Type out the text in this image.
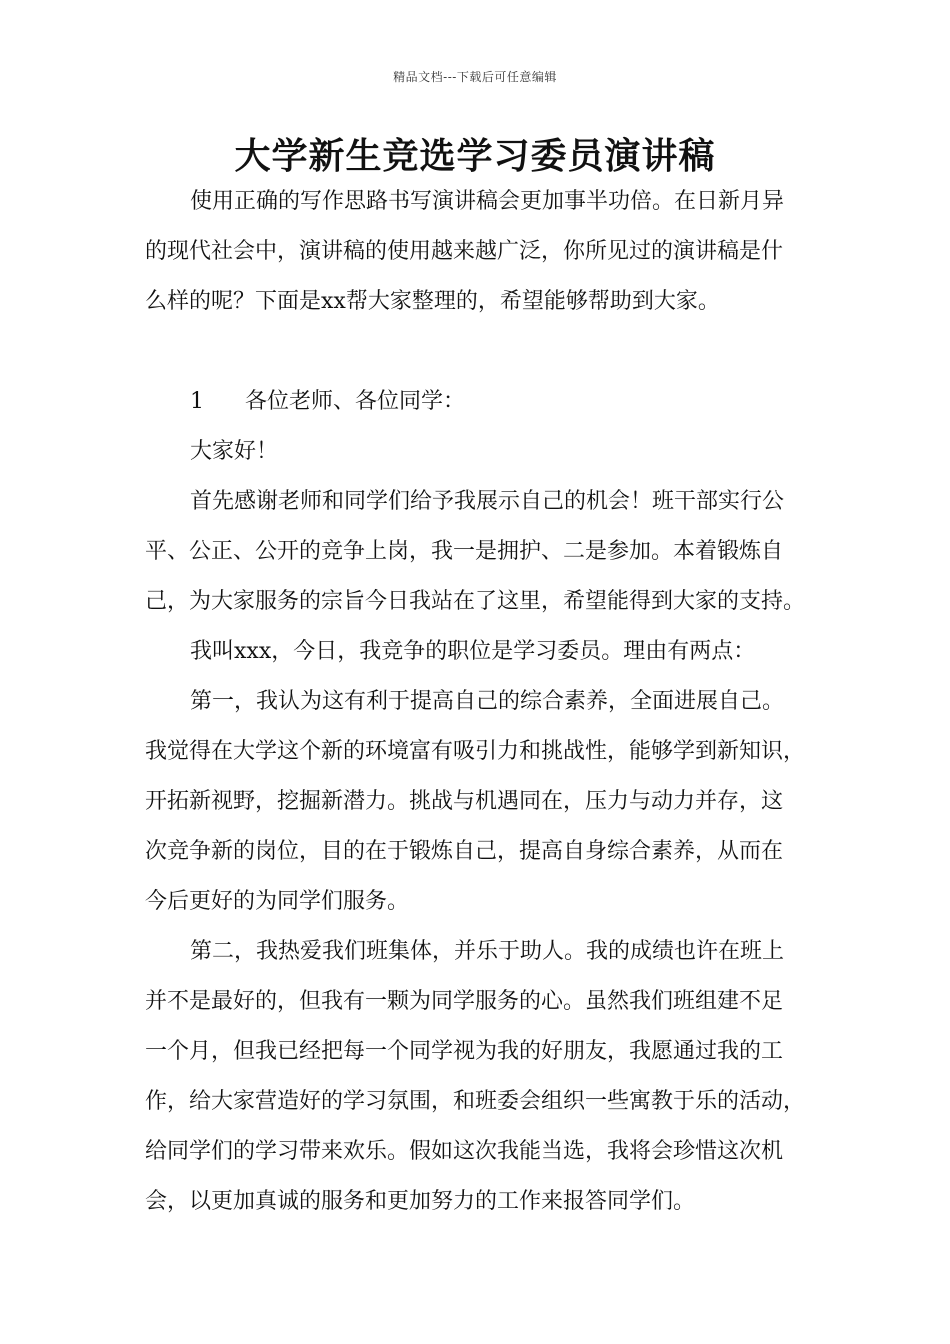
精品文档---下载后可任意编辑
大学新生竞选学习委员演讲稿
使用正确的写作思路书写演讲稿会更加事半功倍。在日新月异
的现代社会中，演讲稿的使用越来越广泛，你所见过的演讲稿是什
么样的呢？下面是xx帮大家整理的，希望能够帮助到大家。
1 各位老师、各位同学：
大家好！
首先感谢老师和同学们给予我展示自己的机会！班干部实行公
平、公正、公开的竞争上岗，我一是拥护、二是参加。本着锻炼自
己，为大家服务的宗旨今日我站在了这里，希望能得到大家的支持。
我叫xxx，今日，我竞争的职位是学习委员。理由有两点：
第一，我认为这有利于提高自己的综合素养，全面进展自己。
我觉得在大学这个新的环境富有吸引力和挑战性，能够学到新知识，
开拓新视野，挖掘新潜力。挑战与机遇同在，压力与动力并存，这
次竞争新的岗位，目的在于锻炼自己，提高自身综合素养，从而在
今后更好的为同学们服务。
第二，我热爱我们班集体，并乐于助人。我的成绩也许在班上
并不是最好的，但我有一颗为同学服务的心。虽然我们班组建不足
一个月，但我已经把每一个同学视为我的好朋友，我愿通过我的工
作，给大家营造好的学习氛围，和班委会组织一些寓教于乐的活动，
给同学们的学习带来欢乐。假如这次我能当选，我将会珍惜这次机
会，以更加真诚的服务和更加努力的工作来报答同学们。
